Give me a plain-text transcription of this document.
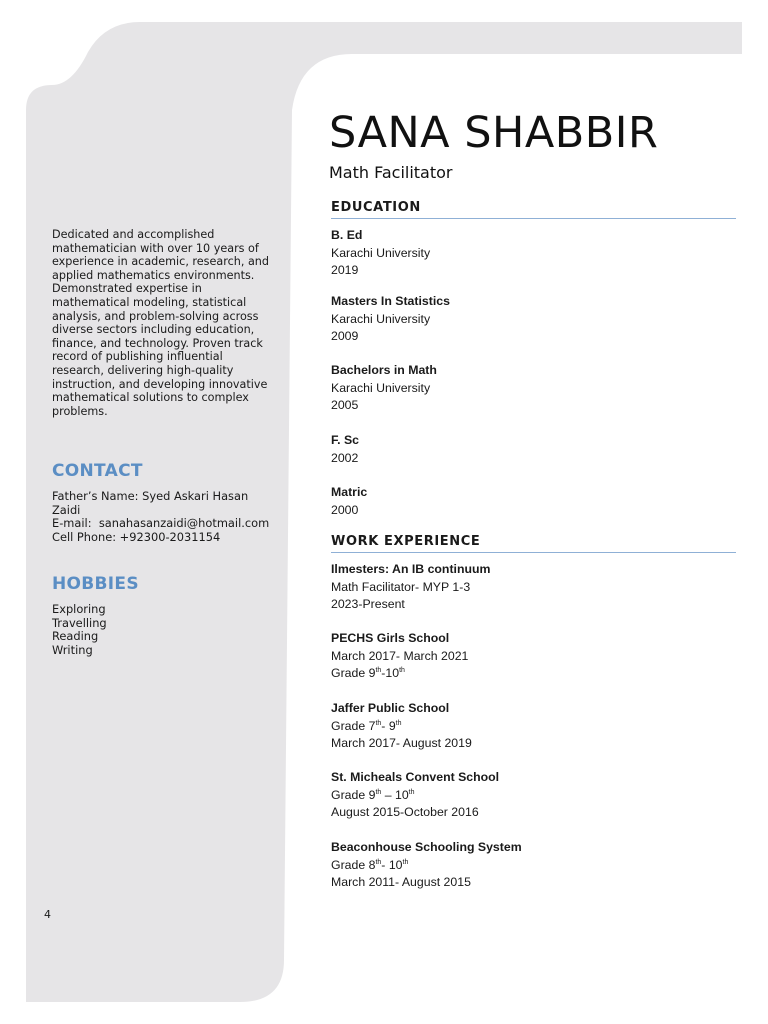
Dedicated and accomplished mathematician with over 10 years of experience in academic, research, and applied mathematics environments. Demonstrated expertise in mathematical modeling, statistical analysis, and problem-solving across diverse sectors including education, finance, and technology. Proven track record of publishing influential research, delivering high-quality instruction, and developing innovative mathematical solutions to complex problems.
CONTACT
Father’s Name: Syed Askari Hasan Zaidi
E-mail: sanahasanzaidi@hotmail.com
Cell Phone: +92300-2031154
HOBBIES
Exploring
Travelling
Reading
Writing
4
SANA SHABBIR
Math Facilitator
EDUCATION
B. Ed
Karachi University
2019
Masters In Statistics
Karachi University
2009
Bachelors in Math
Karachi University
2005
F. Sc
2002
Matric
2000
WORK EXPERIENCE
Ilmesters: An IB continuum
Math Facilitator- MYP 1-3
2023-Present
PECHS Girls School
March 2017- March 2021
Grade 9th-10th
Jaffer Public School
Grade 7th- 9th
March 2017- August 2019
St. Micheals Convent School
Grade 9th – 10th
August 2015-October 2016
Beaconhouse Schooling System
Grade 8th- 10th
March 2011- August 2015
